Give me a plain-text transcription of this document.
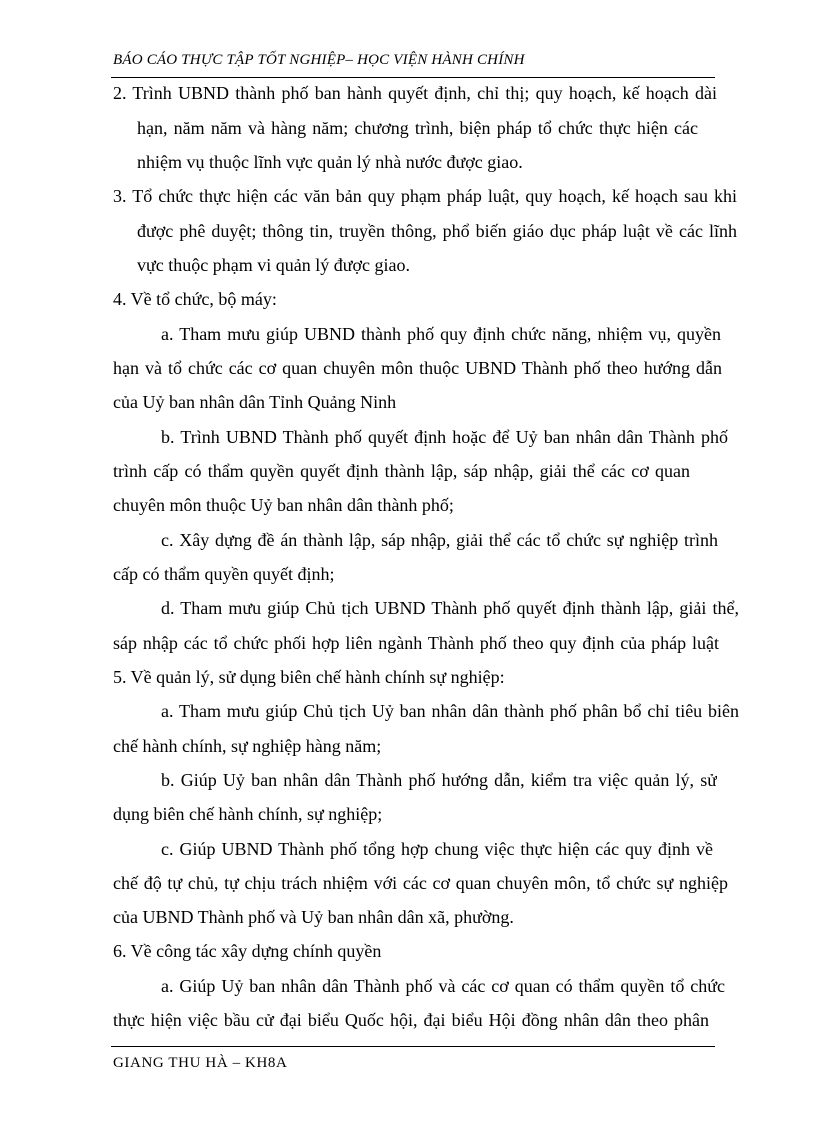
BÁO CÁO THỰC TẬP TỐT NGHIỆP– HỌC VIỆN HÀNH CHÍNH
2. Trình UBND thành phố ban hành quyết định, chỉ thị; quy hoạch, kế hoạch dài
hạn, năm năm và hàng năm; chương trình, biện pháp tổ chức thực hiện các
nhiệm vụ thuộc lĩnh vực quản lý nhà nước được giao.
3. Tổ chức thực hiện các văn bản quy phạm pháp luật, quy hoạch, kế hoạch sau khi
được phê duyệt; thông tin, truyền thông, phổ biến giáo dục pháp luật về các lĩnh
vực thuộc phạm vi quản lý được giao.
4. Về tổ chức, bộ máy:
a. Tham mưu giúp UBND thành phố quy định chức năng, nhiệm vụ, quyền
hạn và tổ chức các cơ quan chuyên môn thuộc UBND Thành phố theo hướng dẫn
của Uỷ ban nhân dân Tỉnh Quảng Ninh
b. Trình UBND Thành phố quyết định hoặc để Uỷ ban nhân dân Thành phố
trình cấp có thẩm quyền quyết định thành lập, sáp nhập, giải thể các cơ quan
chuyên môn thuộc Uỷ ban nhân dân thành phố;
c. Xây dựng đề án thành lập, sáp nhập, giải thể các tổ chức sự nghiệp trình
cấp có thẩm quyền quyết định;
d. Tham mưu giúp Chủ tịch UBND Thành phố quyết định thành lập, giải thể,
sáp nhập các tổ chức phối hợp liên ngành Thành phố theo quy định của pháp luật
5. Về quản lý, sử dụng biên chế hành chính sự nghiệp:
a. Tham mưu giúp Chủ tịch Uỷ ban nhân dân thành phố phân bổ chỉ tiêu biên
chế hành chính, sự nghiệp hàng năm;
b. Giúp Uỷ ban nhân dân Thành phố hướng dẫn, kiểm tra việc quản lý, sử
dụng biên chế hành chính, sự nghiệp;
c. Giúp UBND Thành phố tổng hợp chung việc thực hiện các quy định về
chế độ tự chủ, tự chịu trách nhiệm với các cơ quan chuyên môn, tổ chức sự nghiệp
của UBND Thành phố và Uỷ ban nhân dân xã, phường.
6. Về công tác xây dựng chính quyền
a. Giúp Uỷ ban nhân dân Thành phố và các cơ quan có thẩm quyền tổ chức
thực hiện việc bầu cử đại biểu Quốc hội, đại biểu Hội đồng nhân dân theo phân
GIANG THU HÀ – KH8A
